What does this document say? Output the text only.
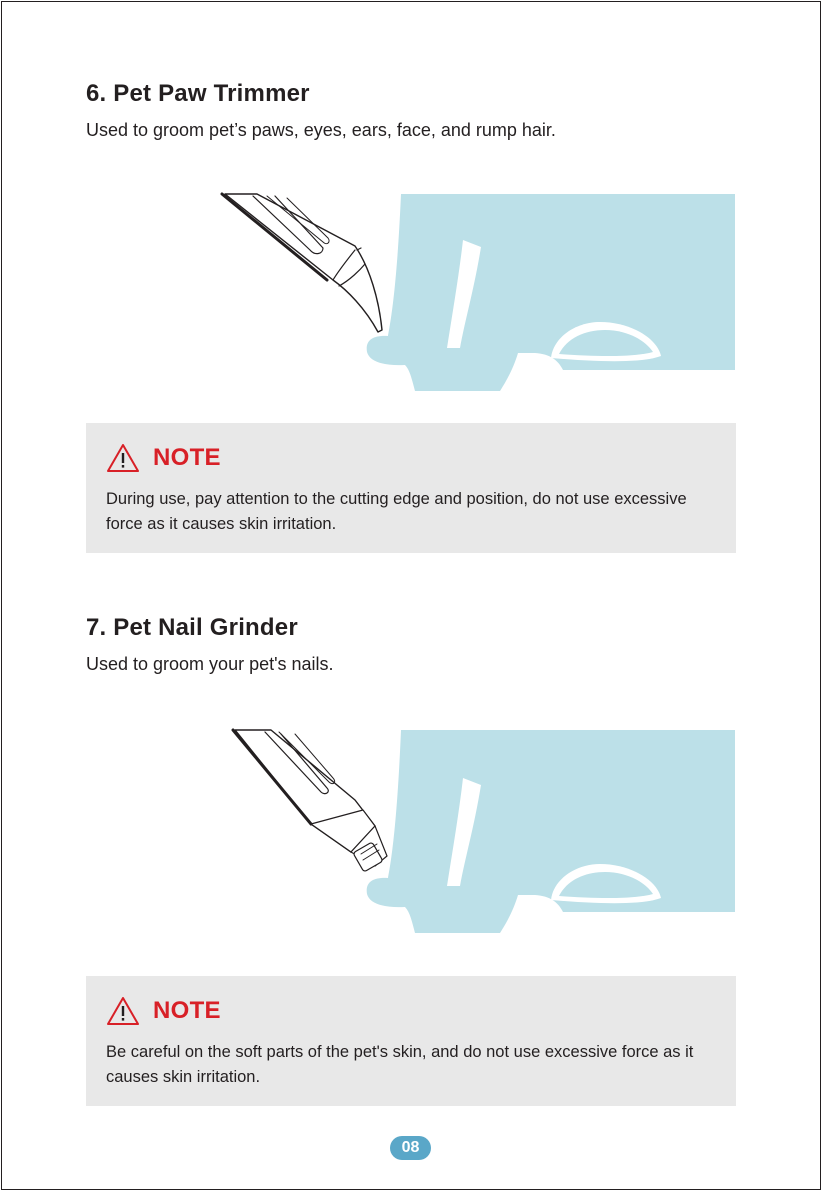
6. Pet Paw Trimmer

Used to groom pet’s paws, eyes, ears, face, and rump hair.

NOTE

During use, pay attention to the cutting edge and position, do not use excessive force as it causes skin irritation.

7. Pet Nail Grinder

Used to groom your pet's nails.

NOTE

Be careful on the soft parts of the pet's skin, and do not use excessive force as it causes skin irritation.

08
